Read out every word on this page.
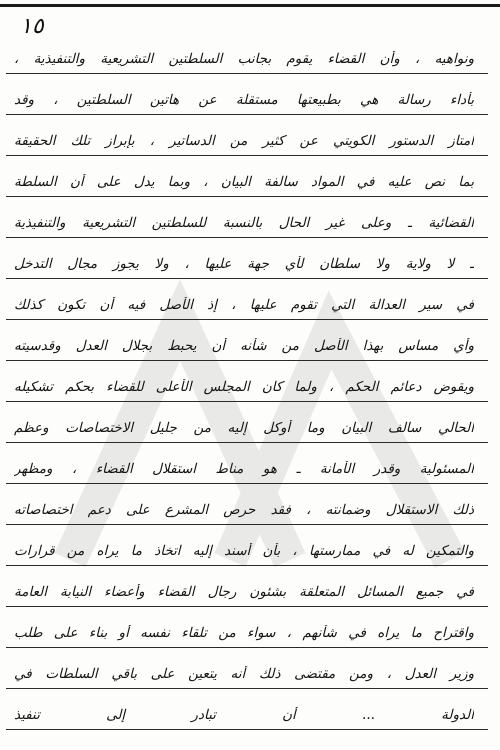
١٥
ونواهيه ، وأن القضاء يقوم بجانب السلطتين التشريعية والتنفيذية ،
بأداء رسالة هي بطبيعتها مستقلة عن هاتين السلطتين ، وقد
امتاز الدستور الكويتي عن كثير من الدساتير ، بإبراز تلك الحقيقة
بما نص عليه في المواد سالفة البيان ، وبما يدل على أن السلطة
القضائية ـ وعلى غير الحال بالنسبة للسلطتين التشريعية والتنفيذية
ـ لا ولاية ولا سلطان لأي جهة عليها ، ولا يجوز مجال التدخل
في سير العدالة التي تقوم عليها ، إذ الأصل فيه أن تكون كذلك
وأي مساس بهذا الأصل من شأنه أن يحبط بجلال العدل وقدسيته
ويقوض دعائم الحكم ، ولما كان المجلس الأعلى للقضاء بحكم تشكيله
الحالي سالف البيان وما أوكل إليه من جليل الاختصاصات وعظم
المسئولية وقدر الأمانة ـ هو مناط استقلال القضاء ، ومظهر
ذلك الاستقلال وضمانته ، فقد حرص المشرع على دعم اختصاصاته
والتمكين له في ممارستها ، بأن أسند إليه اتخاذ ما يراه من قرارات
في جميع المسائل المتعلقة بشئون رجال القضاء وأعضاء النيابة العامة
واقتراح ما يراه في شأنهم ، سواء من تلقاء نفسه أو بناء على طلب
وزير العدل ، ومن مقتضى ذلك أنه يتعين على باقي السلطات في
الدولة ... أن تبادر إلى تنفيذ
